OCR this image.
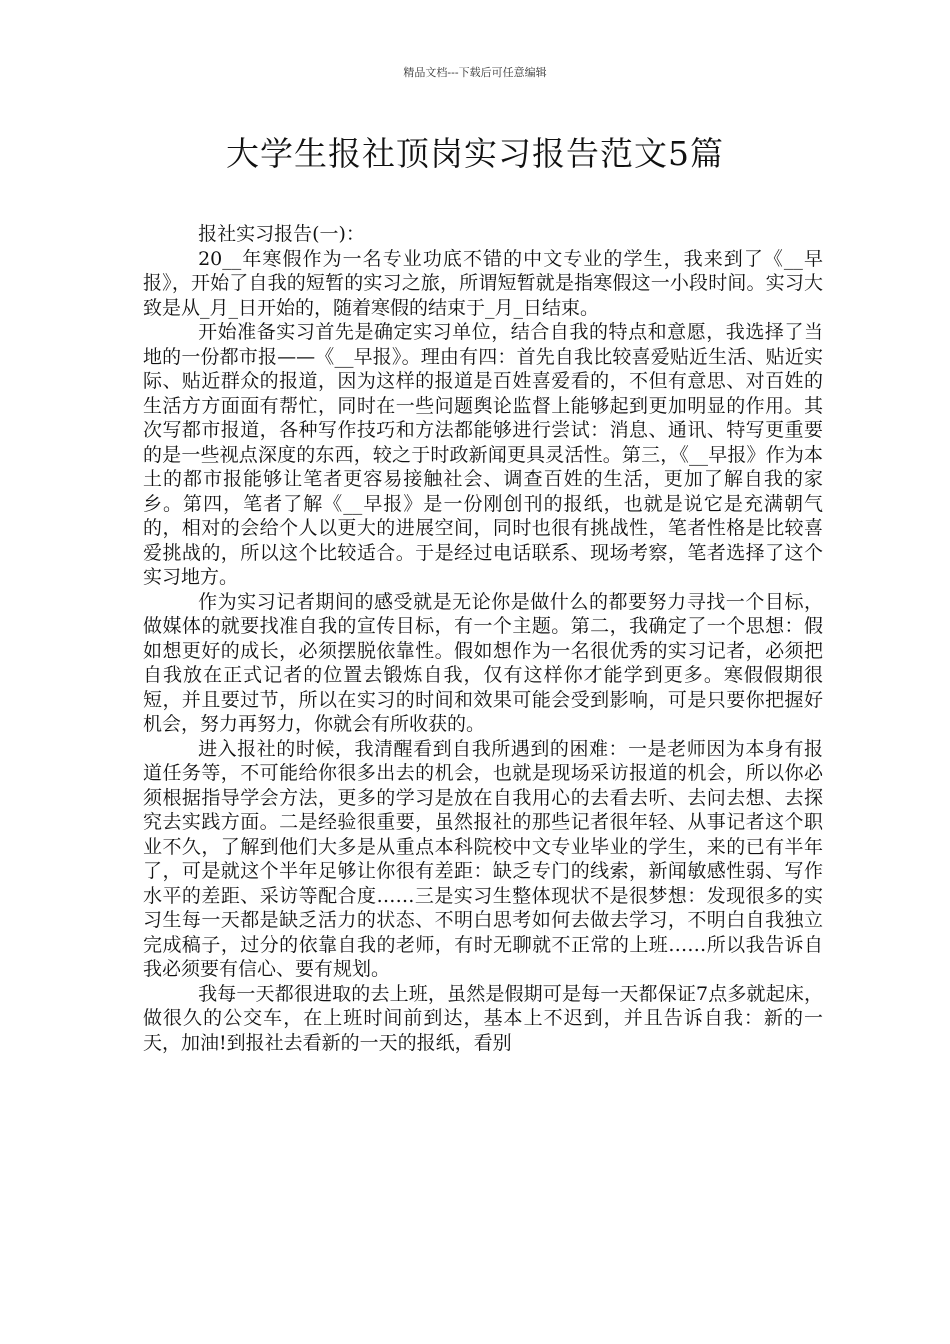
精品文档---下载后可任意编辑
大学生报社顶岗实习报告范文5篇

报社实习报告(一)：

20__年寒假作为一名专业功底不错的中文专业的学生，我来到了《__早报》，开始了自我的短暂的实习之旅，所谓短暂就是指寒假这一小段时间。实习大致是从_月_日开始的，随着寒假的结束于_月_日结束。

开始准备实习首先是确定实习单位，结合自我的特点和意愿，我选择了当地的一份都市报——《__早报》。理由有四：首先自我比较喜爱贴近生活、贴近实际、贴近群众的报道，因为这样的报道是百姓喜爱看的，不但有意思、对百姓的生活方方面面有帮忙，同时在一些问题舆论监督上能够起到更加明显的作用。其次写都市报道，各种写作技巧和方法都能够进行尝试：消息、通讯、特写更重要的是一些视点深度的东西，较之于时政新闻更具灵活性。第三，《__早报》作为本土的都市报能够让笔者更容易接触社会、调查百姓的生活，更加了解自我的家乡。第四，笔者了解《__早报》是一份刚创刊的报纸，也就是说它是充满朝气的，相对的会给个人以更大的进展空间，同时也很有挑战性，笔者性格是比较喜爱挑战的，所以这个比较适合。于是经过电话联系、现场考察，笔者选择了这个实习地方。

作为实习记者期间的感受就是无论你是做什么的都要努力寻找一个目标，做媒体的就要找准自我的宣传目标，有一个主题。第二，我确定了一个思想：假如想更好的成长，必须摆脱依靠性。假如想作为一名很优秀的实习记者，必须把自我放在正式记者的位置去锻炼自我，仅有这样你才能学到更多。寒假假期很短，并且要过节，所以在实习的时间和效果可能会受到影响，可是只要你把握好机会，努力再努力，你就会有所收获的。

进入报社的时候，我清醒看到自我所遇到的困难：一是老师因为本身有报道任务等，不可能给你很多出去的机会，也就是现场采访报道的机会，所以你必须根据指导学会方法，更多的学习是放在自我用心的去看去听、去问去想、去探究去实践方面。二是经验很重要，虽然报社的那些记者很年轻、从事记者这个职业不久，了解到他们大多是从重点本科院校中文专业毕业的学生，来的已有半年了，可是就这个半年足够让你很有差距：缺乏专门的线索，新闻敏感性弱、写作水平的差距、采访等配合度……三是实习生整体现状不是很梦想：发现很多的实习生每一天都是缺乏活力的状态、不明白思考如何去做去学习，不明白自我独立完成稿子，过分的依靠自我的老师，有时无聊就不正常的上班……所以我告诉自我必须要有信心、要有规划。

我每一天都很进取的去上班，虽然是假期可是每一天都保证7点多就起床，做很久的公交车，在上班时间前到达，基本上不迟到，并且告诉自我：新的一天，加油!到报社去看新的一天的报纸，看别
